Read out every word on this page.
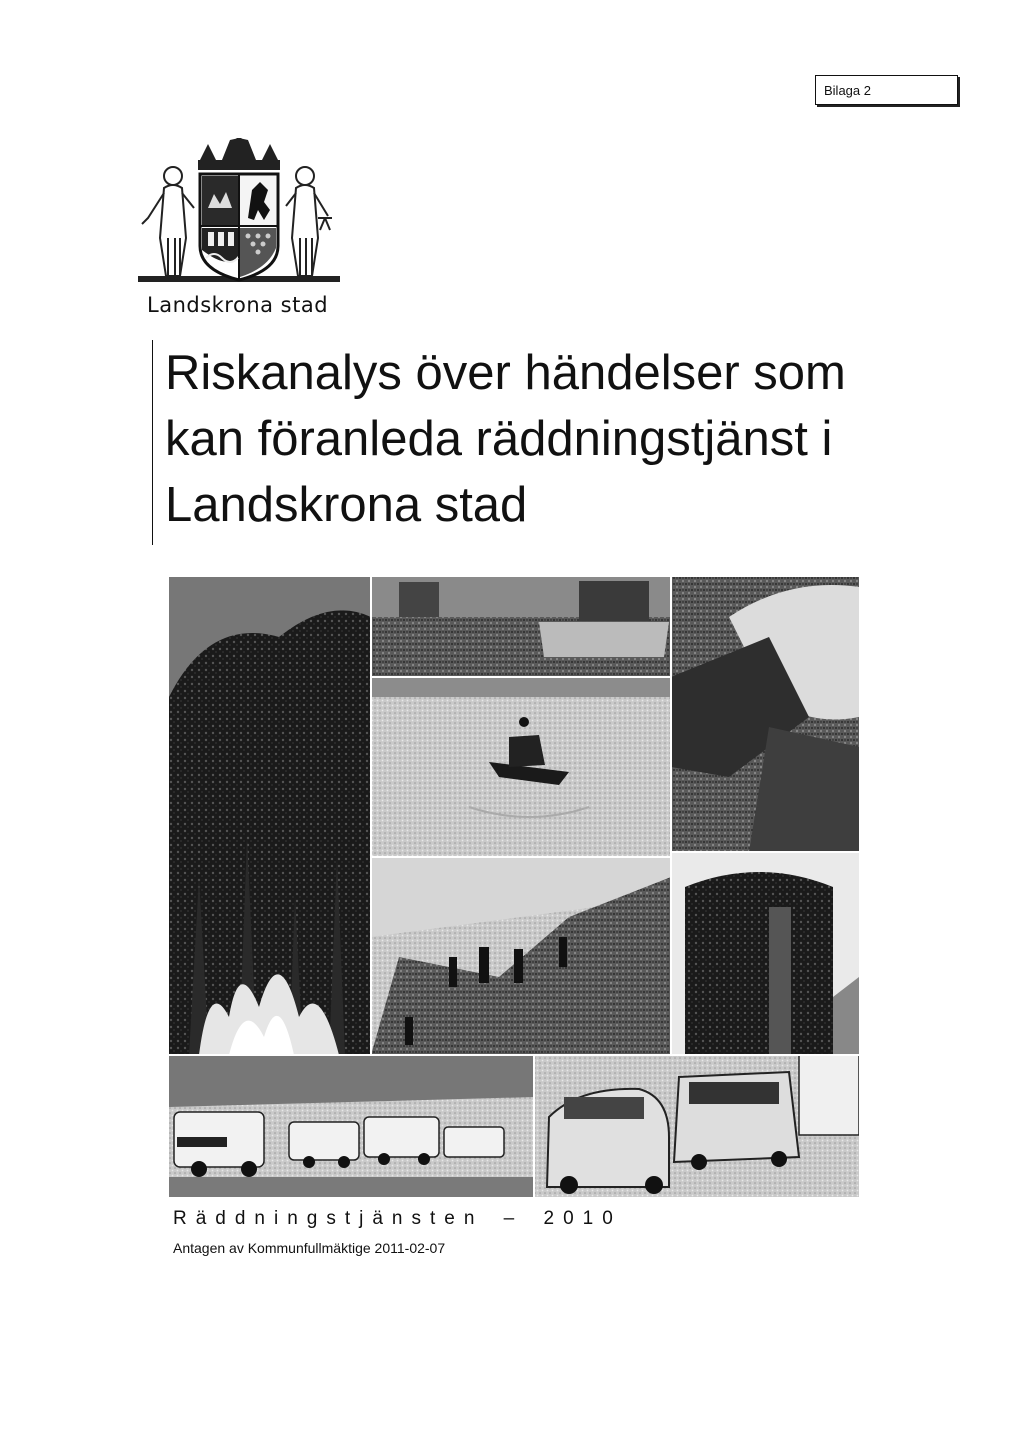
Bilaga 2
Landskrona stad
Riskanalys över händelser som
kan föranleda räddningstjänst i
Landskrona stad
Räddningstjänsten – 2010
Antagen av Kommunfullmäktige 2011-02-07
